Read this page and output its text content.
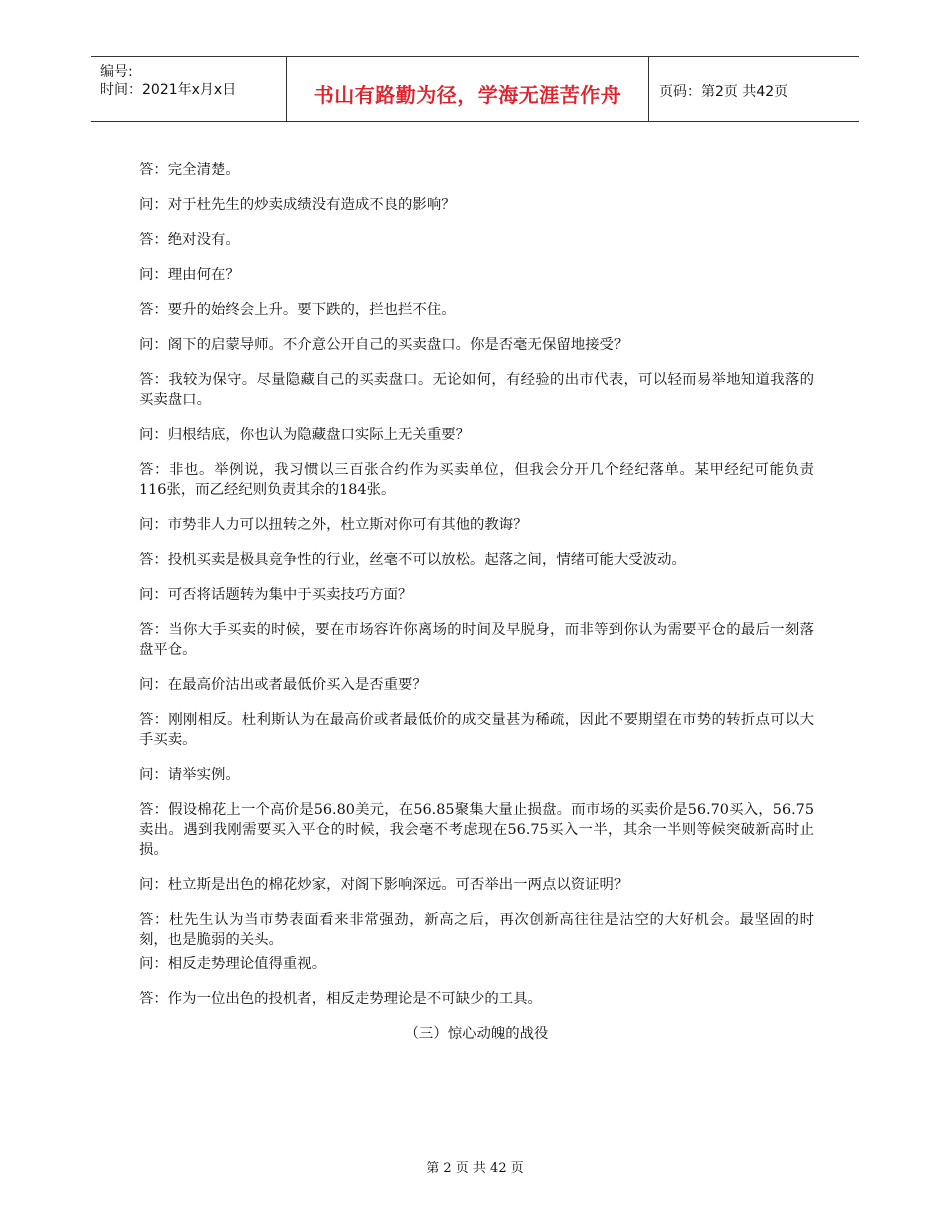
编号:
时间：2021年x月x日	书山有路勤为径，学海无涯苦作舟	页码：第2页 共42页

答：完全清楚。

问：对于杜先生的炒卖成绩没有造成不良的影响？

答：绝对没有。

问：理由何在？

答：要升的始终会上升。要下跌的，拦也拦不住。

问：阁下的启蒙导师。不介意公开自己的买卖盘口。你是否毫无保留地接受？

答：我较为保守。尽量隐藏自己的买卖盘口。无论如何，有经验的出市代表，可以轻而易举地知道我落的买卖盘口。

问：归根结底，你也认为隐藏盘口实际上无关重要？

答：非也。举例说，我习惯以三百张合约作为买卖单位，但我会分开几个经纪落单。某甲经纪可能负责116张，而乙经纪则负责其余的184张。

问：市势非人力可以扭转之外，杜立斯对你可有其他的教诲？

答：投机买卖是极具竞争性的行业，丝毫不可以放松。起落之间，情绪可能大受波动。

问：可否将话题转为集中于买卖技巧方面？

答：当你大手买卖的时候，要在市场容许你离场的时间及早脱身，而非等到你认为需要平仓的最后一刻落盘平仓。

问：在最高价沽出或者最低价买入是否重要？

答：刚刚相反。杜利斯认为在最高价或者最低价的成交量甚为稀疏，因此不要期望在市势的转折点可以大手买卖。

问：请举实例。

答：假设棉花上一个高价是56.80美元，在56.85聚集大量止损盘。而市场的买卖价是56.70买入，56.75卖出。遇到我刚需要买入平仓的时候，我会毫不考虑现在56.75买入一半，其余一半则等候突破新高时止损。

问：杜立斯是出色的棉花炒家，对阁下影响深远。可否举出一两点以资证明？

答：杜先生认为当市势表面看来非常强劲，新高之后，再次创新高往往是沽空的大好机会。最坚固的时刻，也是脆弱的关头。

问：相反走势理论值得重视。

答：作为一位出色的投机者，相反走势理论是不可缺少的工具。

（三）惊心动魄的战役
第 2 页 共 42 页
